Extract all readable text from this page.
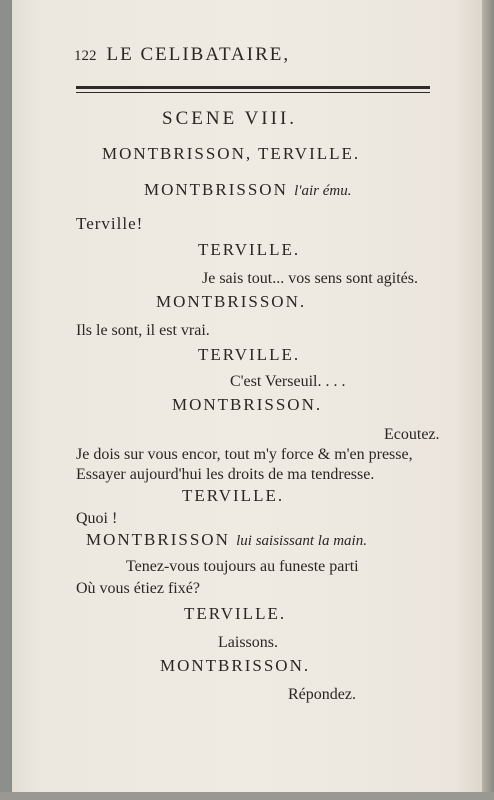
122 LE CELIBATAIRE,
SCENE VIII.
MONTBRISSON, TERVILLE.
MONTBRISSON l'air ému.
Terville!
TERVILLE.
Je sais tout... vos sens sont agités.
MONTBRISSON.
Ils le sont, il est vrai.
TERVILLE.
C'est Verseuil. . . .
MONTBRISSON.
Ecoutez.
Je dois sur vous encor, tout m'y force & m'en presse,
Essayer aujourd'hui les droits de ma tendresse.
TERVILLE.
Quoi !
MONTBRISSON lui saisissant la main.
Tenez-vous toujours au funeste parti
Où vous étiez fixé?
TERVILLE.
Laissons.
MONTBRISSON.
Répondez.
